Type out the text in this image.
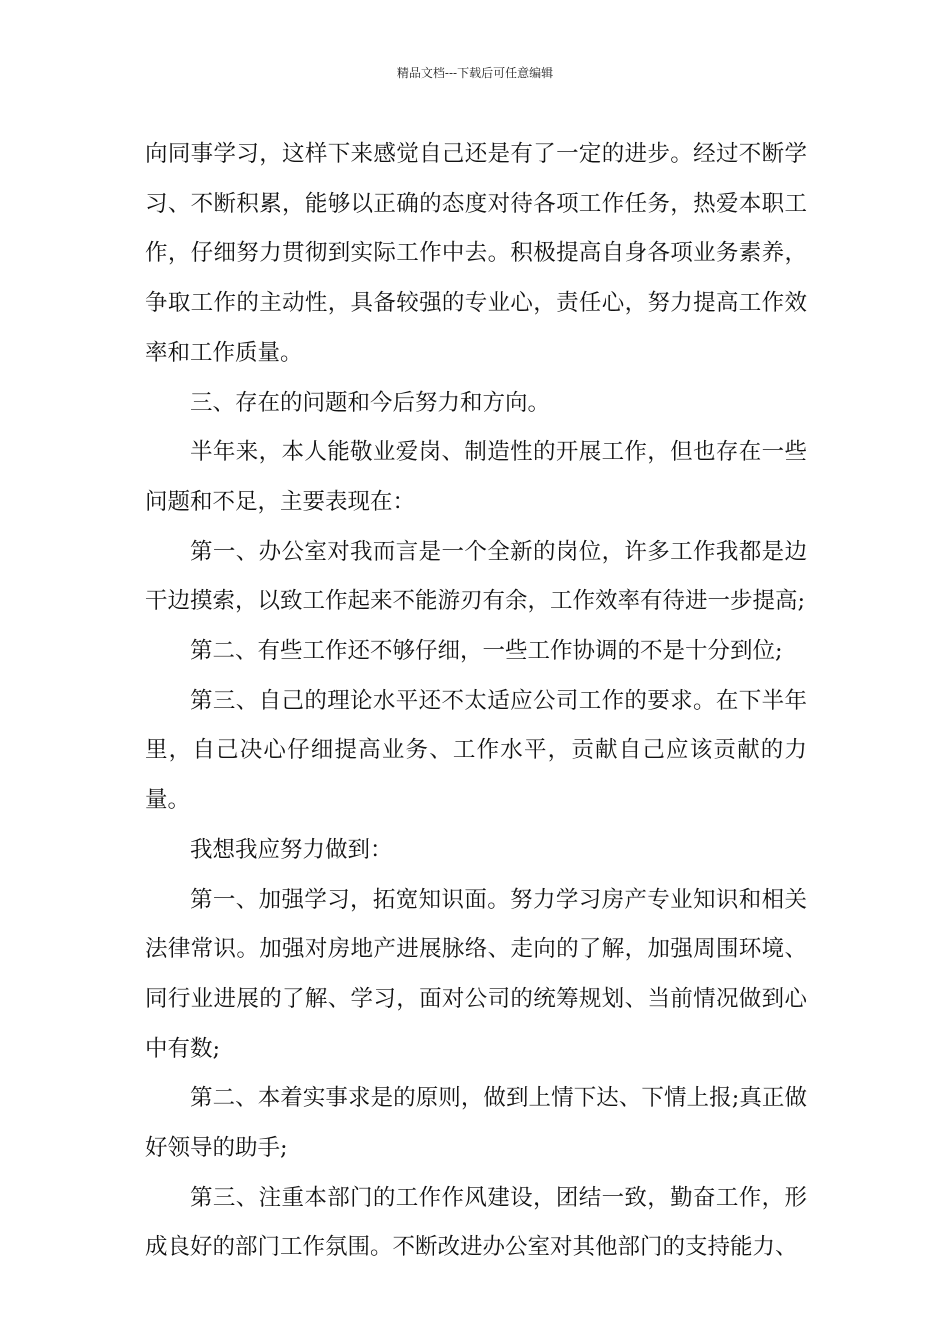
精品文档---下载后可任意编辑

向同事学习，这样下来感觉自己还是有了一定的进步。经过不断学习、不断积累，能够以正确的态度对待各项工作任务，热爱本职工作，仔细努力贯彻到实际工作中去。积极提高自身各项业务素养，争取工作的主动性，具备较强的专业心，责任心，努力提高工作效率和工作质量。

三、存在的问题和今后努力和方向。

半年来，本人能敬业爱岗、制造性的开展工作，但也存在一些问题和不足，主要表现在：

第一、办公室对我而言是一个全新的岗位，许多工作我都是边干边摸索，以致工作起来不能游刃有余，工作效率有待进一步提高;

第二、有些工作还不够仔细，一些工作协调的不是十分到位;

第三、自己的理论水平还不太适应公司工作的要求。在下半年里，自己决心仔细提高业务、工作水平，贡献自己应该贡献的力量。

我想我应努力做到：

第一、加强学习，拓宽知识面。努力学习房产专业知识和相关法律常识。加强对房地产进展脉络、走向的了解，加强周围环境、同行业进展的了解、学习，面对公司的统筹规划、当前情况做到心中有数;

第二、本着实事求是的原则，做到上情下达、下情上报;真正做好领导的助手;

第三、注重本部门的工作作风建设，团结一致，勤奋工作，形成良好的部门工作氛围。不断改进办公室对其他部门的支持能力、
